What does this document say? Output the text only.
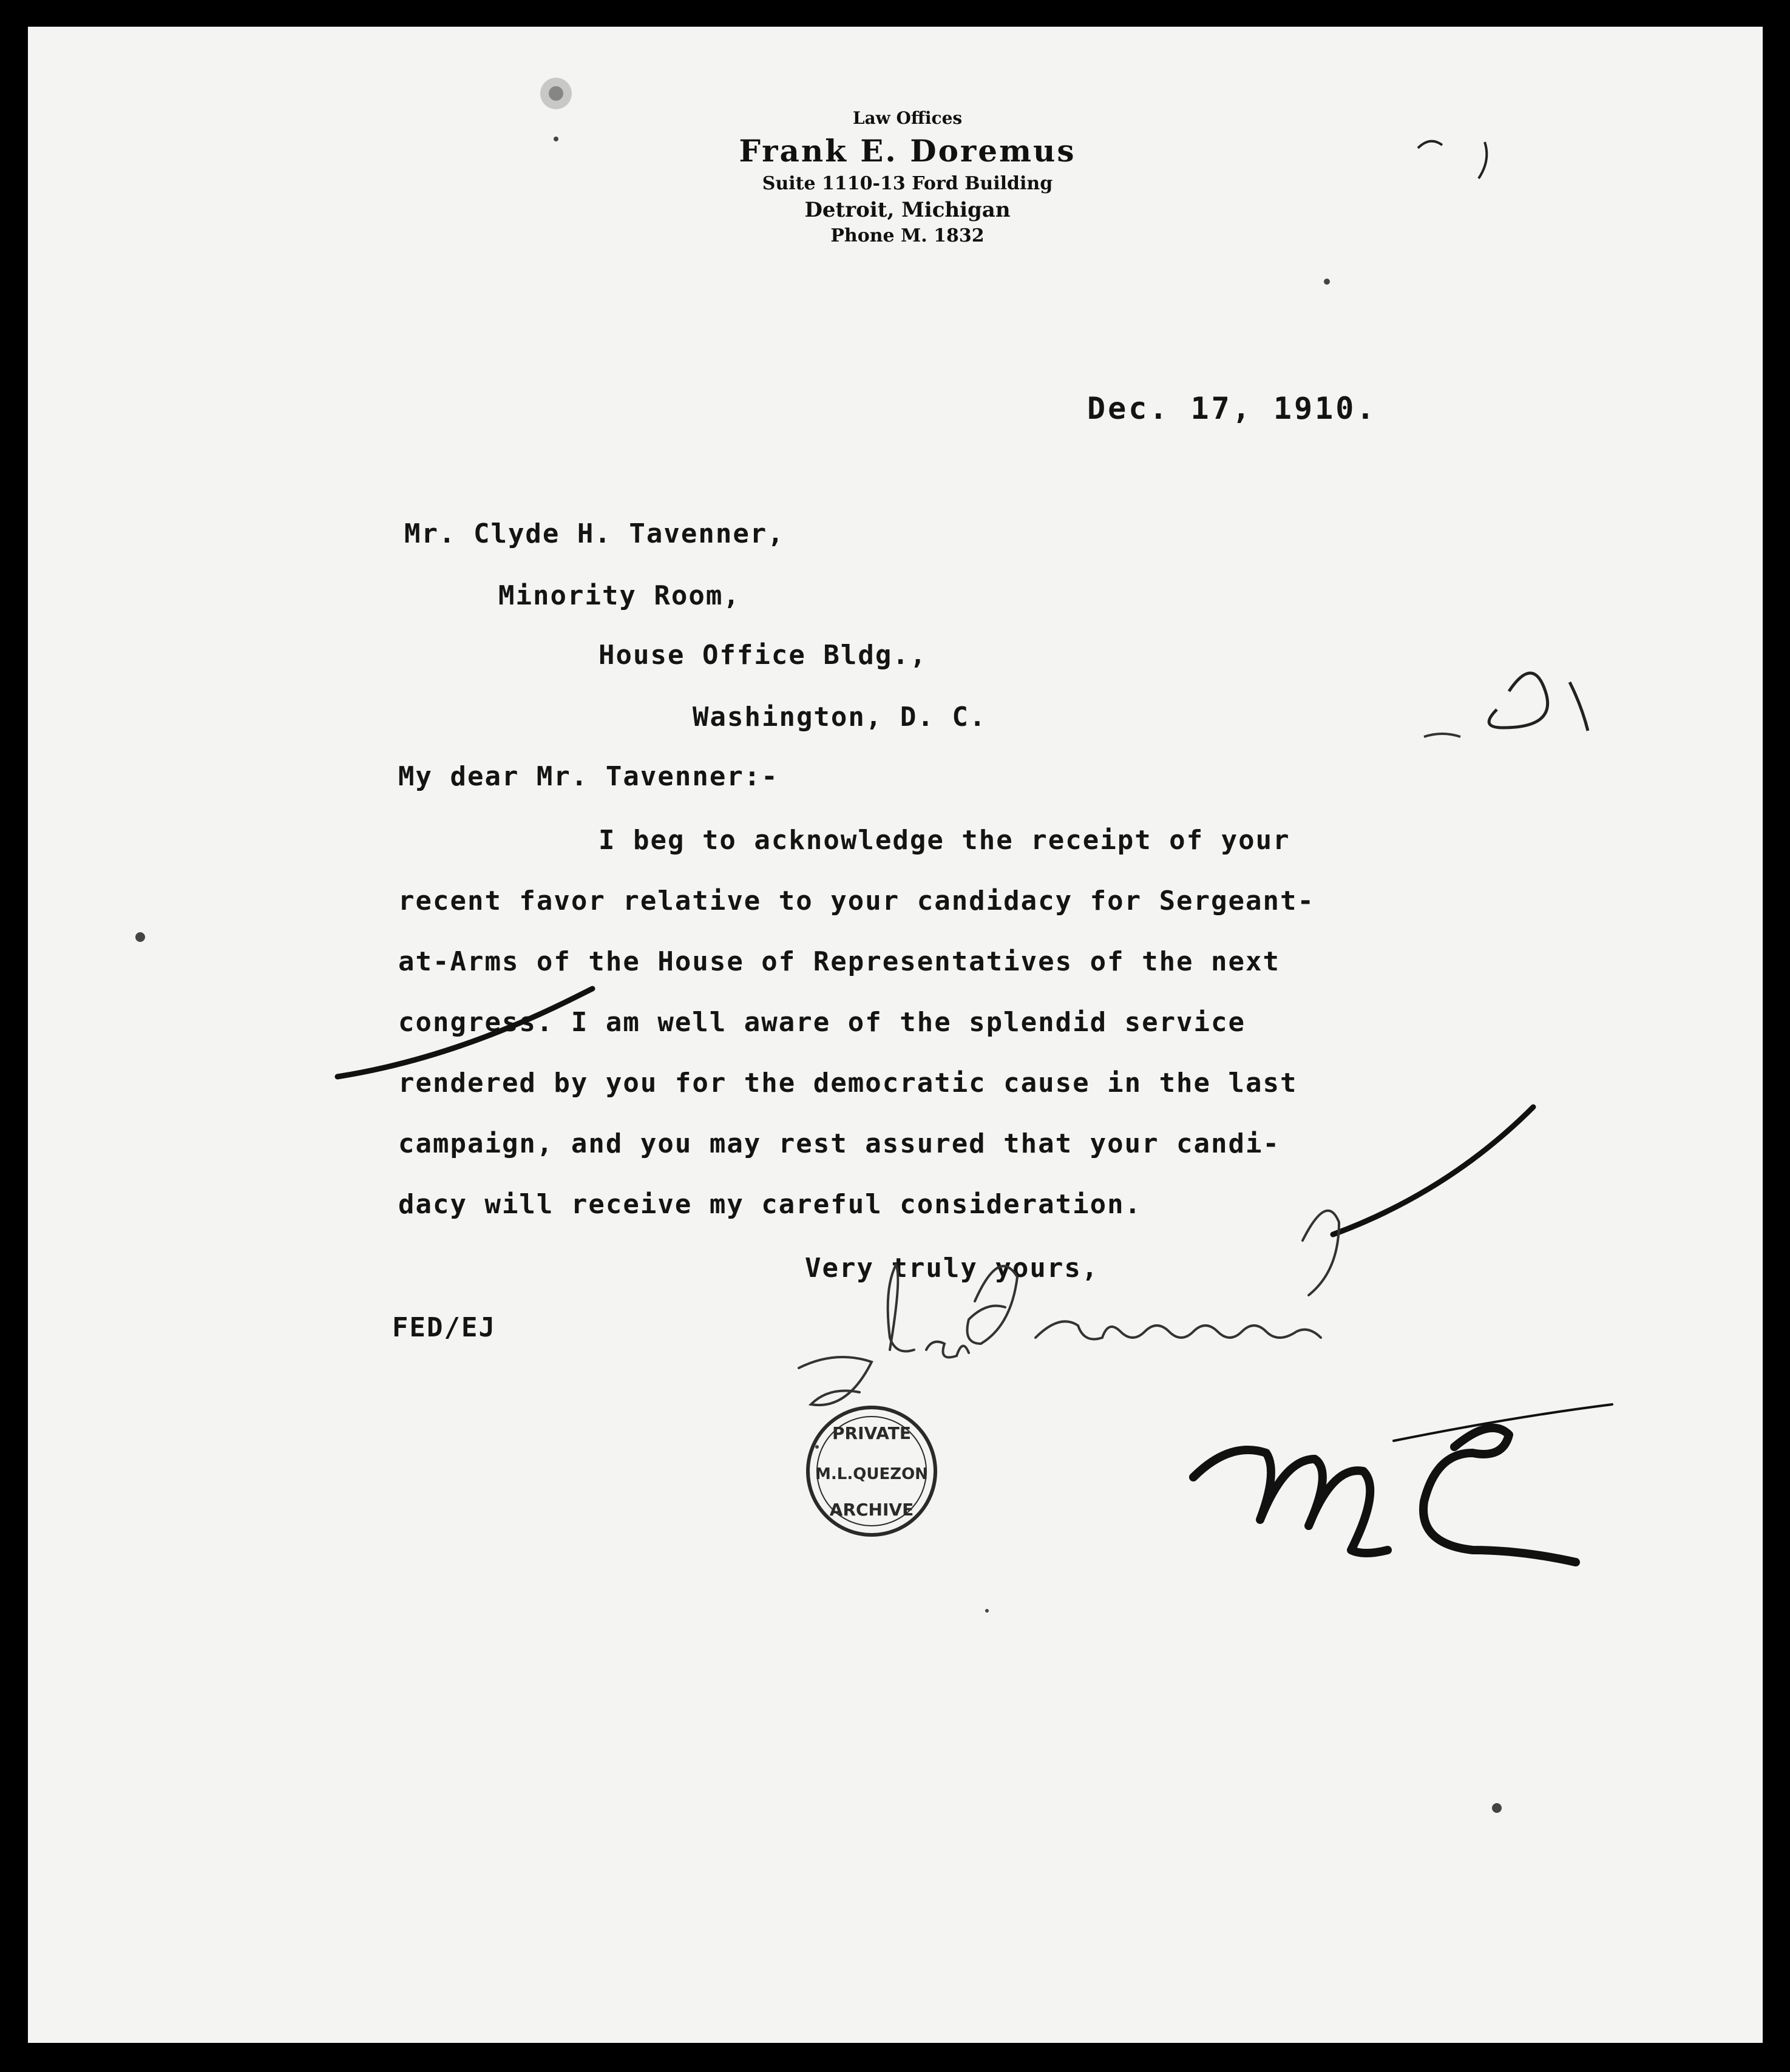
Law Offices
Frank E. Doremus
Suite 1110-13 Ford Building
Detroit, Michigan
Phone M. 1832
Dec. 17, 1910.
Mr. Clyde H. Tavenner,
Minority Room,
House Office Bldg.,
Washington, D. C.
My dear Mr. Tavenner:-
I beg to acknowledge the receipt of your
recent favor relative to your candidacy for Sergeant-
at-Arms of the House of Representatives of the next
congress. I am well aware of the splendid service
rendered by you for the democratic cause in the last
campaign, and you may rest assured that your candi-
dacy will receive my careful consideration.
Very truly yours,
FED/EJ
PRIVATE
M.L.QUEZON
ARCHIVE
